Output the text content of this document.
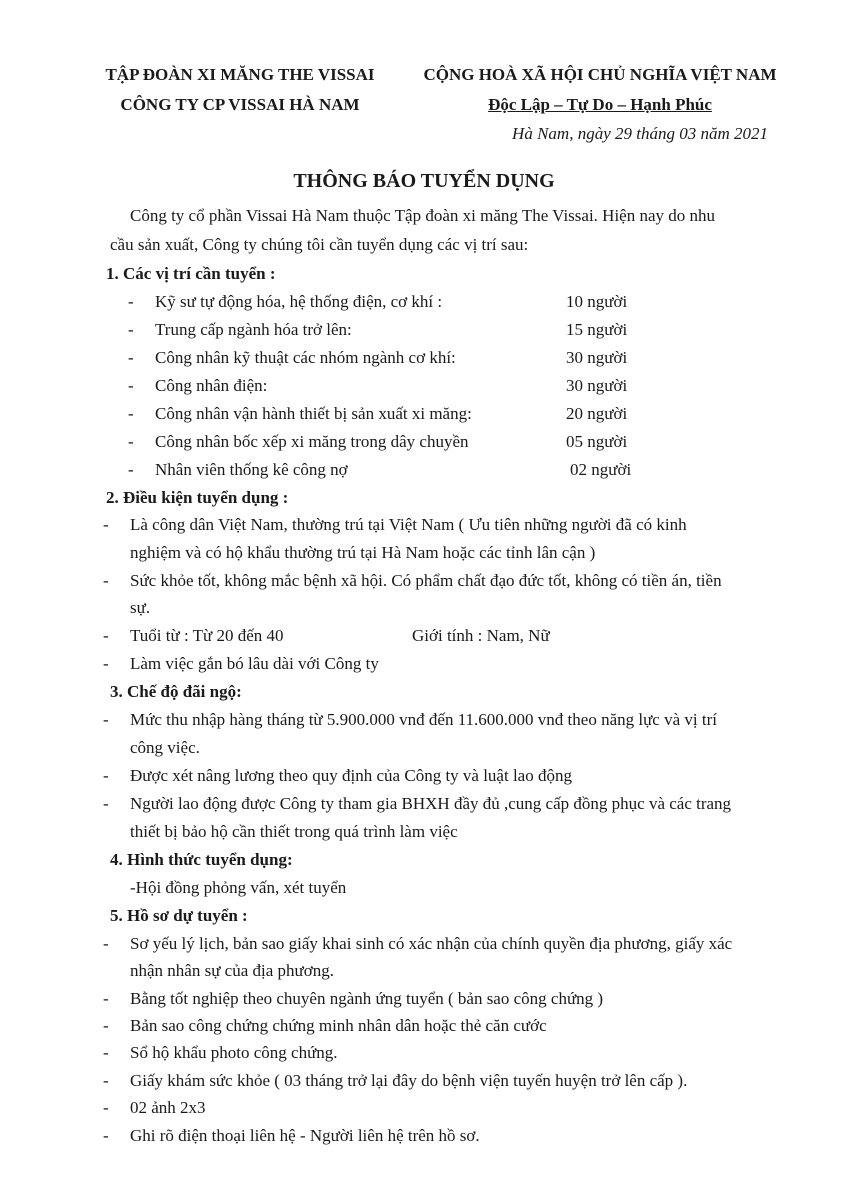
TẬP ĐOÀN XI MĂNG THE VISSAI
CÔNG TY CP VISSAI HÀ NAM
CỘNG HOÀ XÃ HỘI CHỦ NGHĨA VIỆT NAM
Độc Lập – Tự Do – Hạnh Phúc
Hà Nam, ngày 29 tháng 03 năm 2021
THÔNG BÁO TUYỂN DỤNG
Công ty cổ phần Vissai Hà Nam thuộc Tập đoàn xi măng The Vissai. Hiện nay do nhu
cầu sản xuất, Công ty chúng tôi cần tuyển dụng các vị trí sau:
1. Các vị trí cần tuyển :
- Kỹ sư tự động hóa, hệ thống điện, cơ khí :	10 người
- Trung cấp ngành hóa trở lên:	15 người
- Công nhân kỹ thuật các nhóm ngành cơ khí:	30 người
- Công nhân điện:	30 người
- Công nhân vận hành thiết bị sản xuất xi măng:	20 người
- Công nhân bốc xếp xi măng trong dây chuyền	05 người
- Nhân viên thống kê công nợ	02 người
2. Điều kiện tuyển dụng :
- Là công dân Việt Nam, thường trú tại Việt Nam ( Ưu tiên những người đã có kinh
nghiệm và có hộ khẩu thường trú tại Hà Nam hoặc các tỉnh lân cận )
- Sức khỏe tốt, không mắc bệnh xã hội. Có phẩm chất đạo đức tốt, không có tiền án, tiền
sự.
- Tuổi từ : Từ 20 đến 40	Giới tính : Nam, Nữ
- Làm việc gắn bó lâu dài với Công ty
3. Chế độ đãi ngộ:
- Mức thu nhập hàng tháng từ 5.900.000 vnđ đến 11.600.000 vnđ theo năng lực và vị trí
công việc.
- Được xét nâng lương theo quy định của Công ty và luật lao động
- Người lao động được Công ty tham gia BHXH đầy đủ ,cung cấp đồng phục và các trang
thiết bị bảo hộ cần thiết trong quá trình làm việc
4. Hình thức tuyển dụng:
-Hội đồng phỏng vấn, xét tuyển
5. Hồ sơ dự tuyển :
- Sơ yếu lý lịch, bản sao giấy khai sinh có xác nhận của chính quyền địa phương, giấy xác
nhận nhân sự của địa phương.
- Bằng tốt nghiệp theo chuyên ngành ứng tuyển ( bản sao công chứng )
- Bản sao công chứng chứng minh nhân dân hoặc thẻ căn cước
- Sổ hộ khẩu photo công chứng.
- Giấy khám sức khỏe ( 03 tháng trở lại đây do bệnh viện tuyến huyện trở lên cấp ).
- 02 ảnh 2x3
- Ghi rõ điện thoại liên hệ - Người liên hệ trên hồ sơ.
